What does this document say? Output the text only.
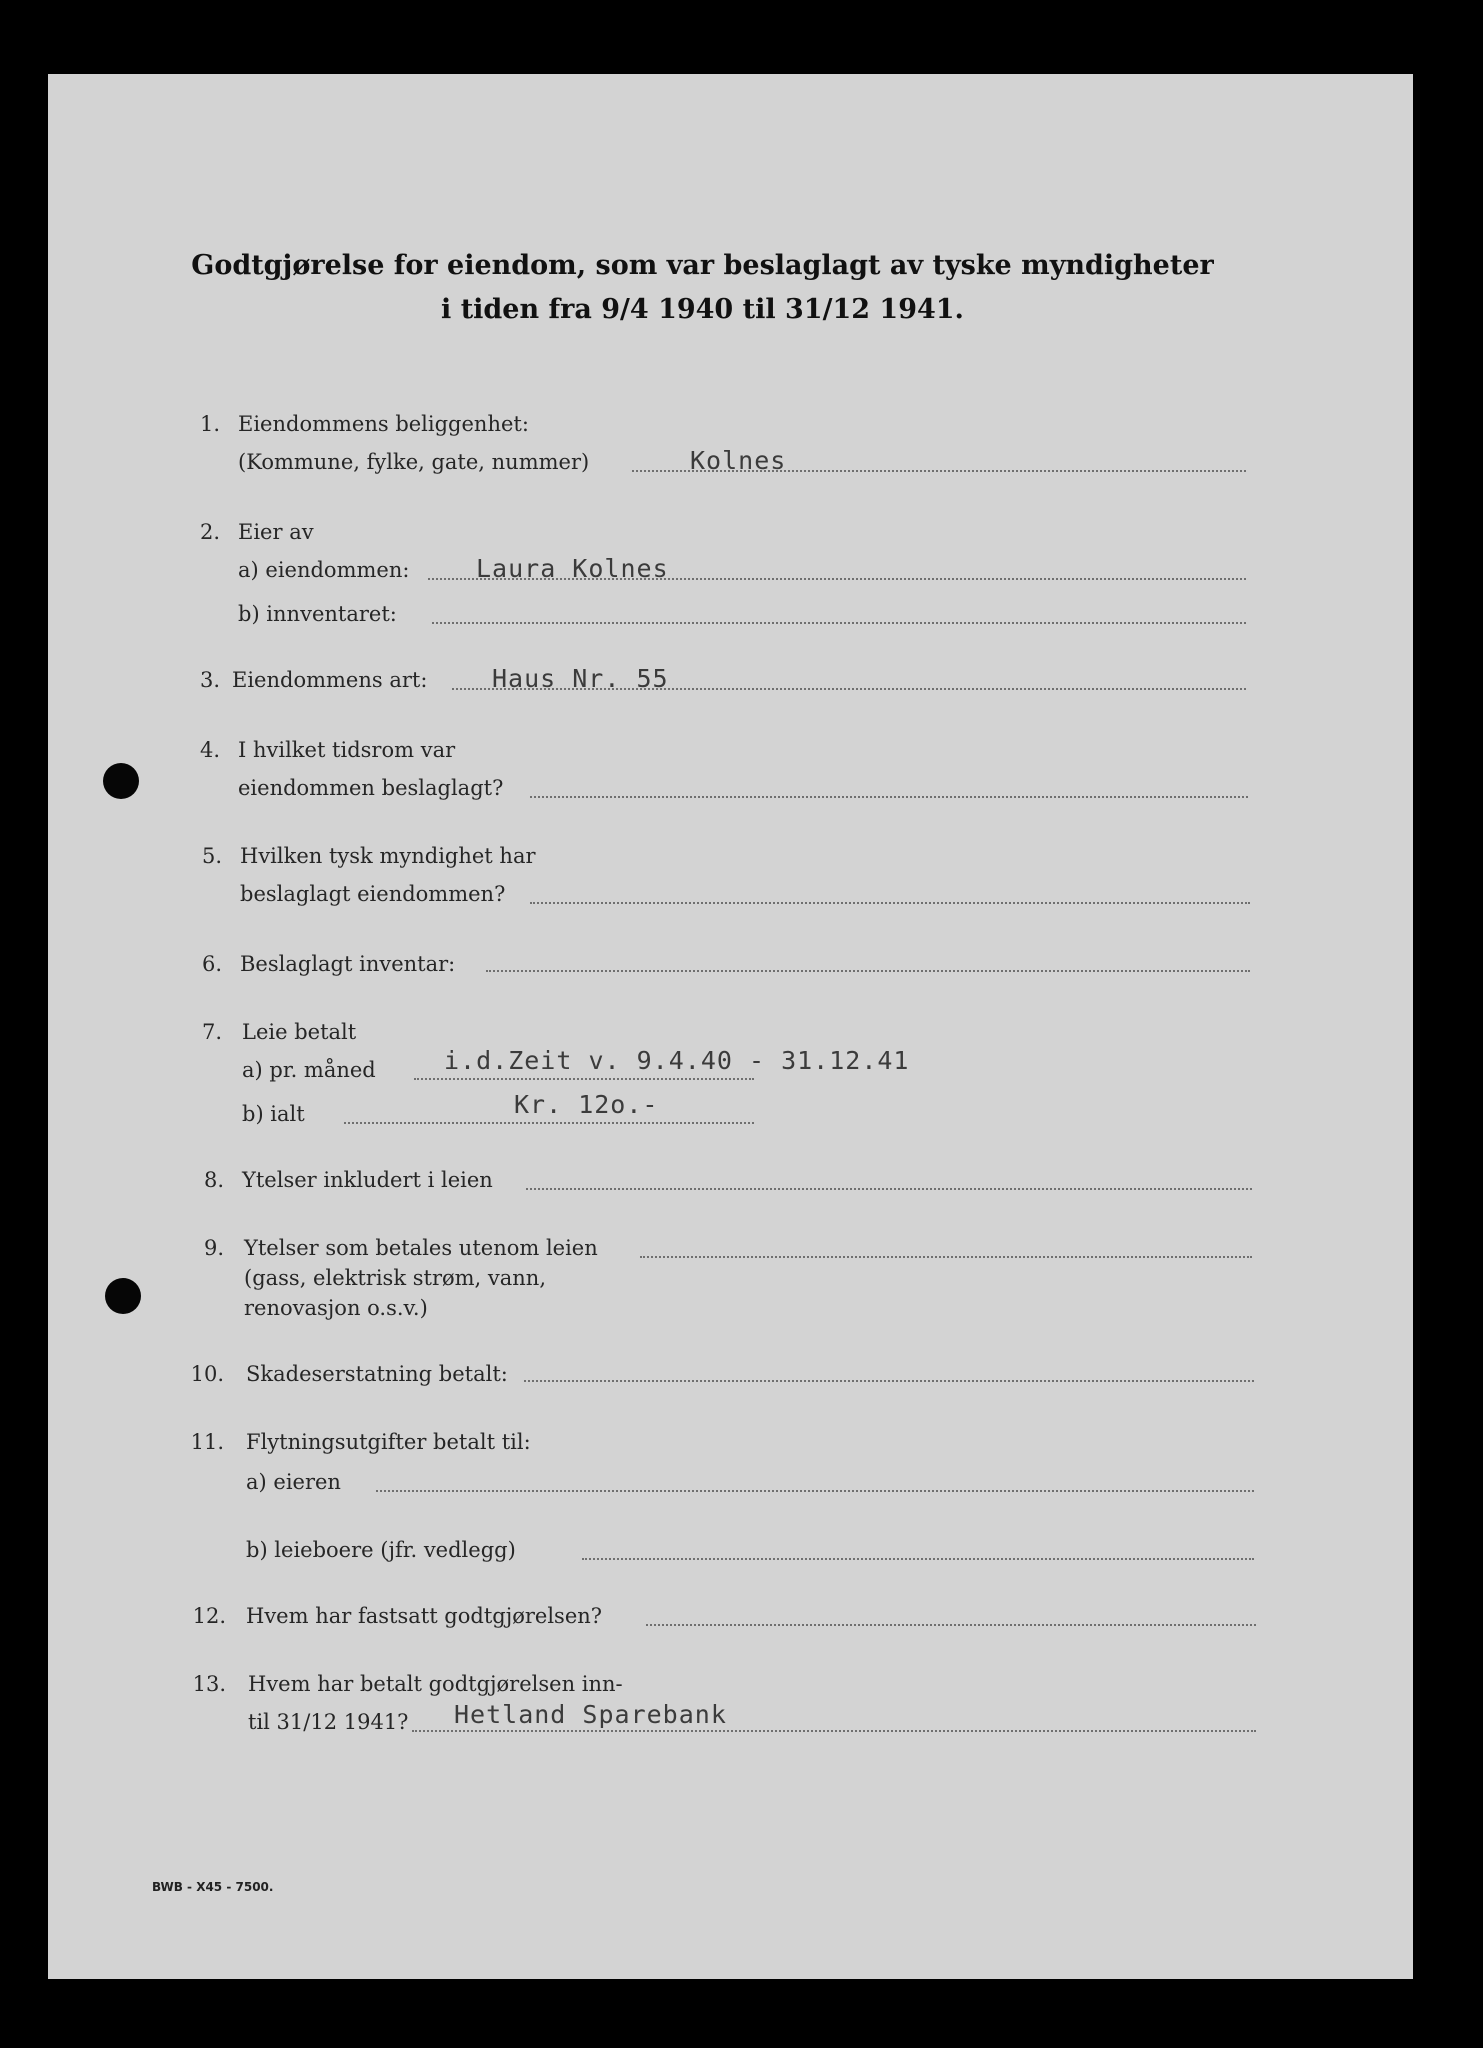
Godtgjørelse for eiendom, som var beslaglagt av tyske myndigheter
i tiden fra 9/4 1940 til 31/12 1941.
1. Eiendommens beliggenhet:
(Kommune, fylke, gate, nummer)	Kolnes
2. Eier av
a) eiendommen:	Laura Kolnes
b) innventaret:
3. Eiendommens art:	Haus Nr. 55
4. I hvilket tidsrom var
eiendommen beslaglagt?
5. Hvilken tysk myndighet har
beslaglagt eiendommen?
6. Beslaglagt inventar:
7. Leie betalt
a) pr. måned	i.d.Zeit v. 9.4.40 - 31.12.41
b) ialt	Kr. 12o.-
8. Ytelser inkludert i leien
9. Ytelser som betales utenom leien
(gass, elektrisk strøm, vann,
renovasjon o.s.v.)
10. Skadeserstatning betalt:
11. Flytningsutgifter betalt til:
a) eieren
b) leieboere (jfr. vedlegg)
12. Hvem har fastsatt godtgjørelsen?
13. Hvem har betalt godtgjørelsen inn-
til 31/12 1941? Hetland Sparebank
BWB - X45 - 7500.
